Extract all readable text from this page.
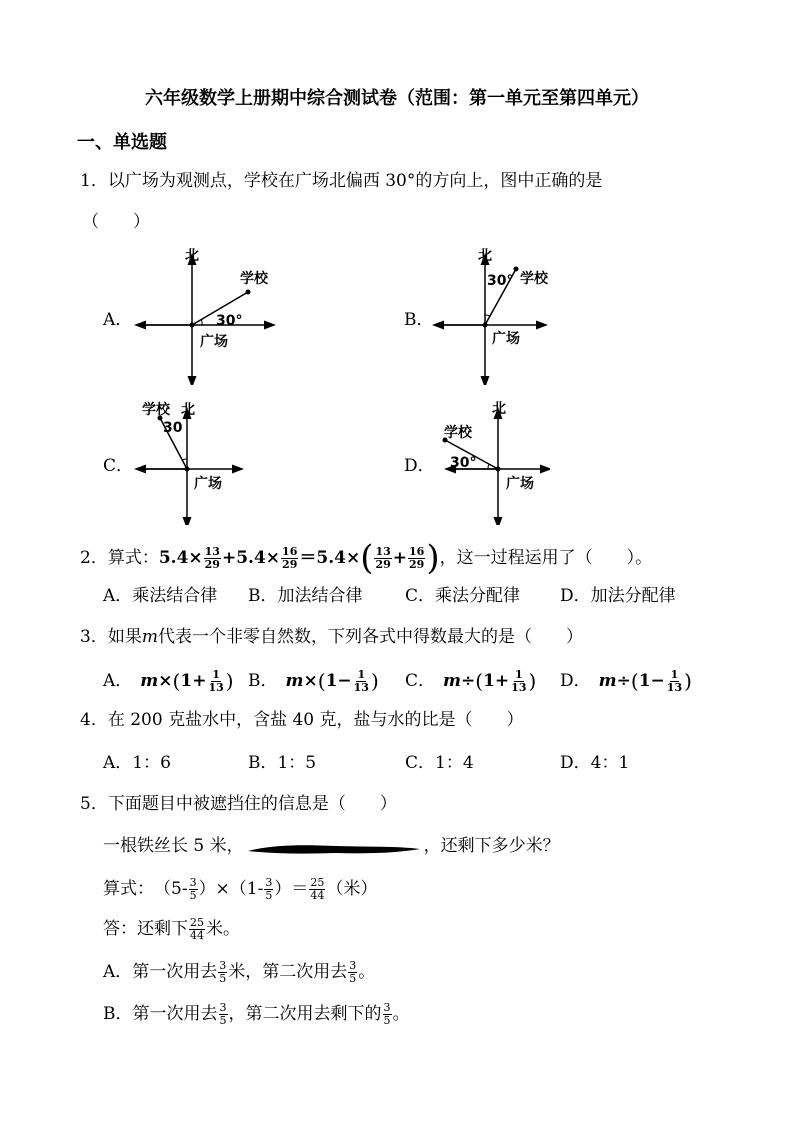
六年级数学上册期中综合测试卷（范围：第一单元至第四单元）
一、单选题
1．以广场为观测点，学校在广场北偏西 30°的方向上，图中正确的是
（　　）
A．	B．
C．	D．
北
学校
30°
广场
北
学校
30°
广场
学校 北
30
广场
北
学校
30°
广场
2．算式： $5.4 \times \frac{13}{29} + 5.4 \times \frac{16}{29} = 5.4$ × ( $\frac{13}{29} + \frac{16}{29}$ ) ，这一过程运用了（　　）。
A．乘法结合律 B．加法结合律	C．乘法分配律 D．加法分配律
3．如果m代表一个非零自然数，下列各式中得数最大的是（　　）
A． m × ( $1 + \frac{1}{13}$ ) B． m × ( $1 - \frac{1}{13}$ ) C． m ÷ ( $1 + \frac{1}{13}$ ) D． m ÷ ( $1 - \frac{1}{13}$ )
4．在 200 克盐水中，含盐 40 克，盐与水的比是（　　）
A．1：6	B．1：5	C．1：4	D．4：1
5．下面题目中被遮挡住的信息是（　　）
一根铁丝长 5 米，	，还剩下多少米？
算式： $(5- \frac{3}{5} )\times(1- \frac{3}{5}$ ）＝ $\frac{25}{44}$ （米）
答：还剩下 $\frac{25}{44}$ 米。
A．第一次用去 $\frac{3}{5}$ 米，第二次用去 $\frac{3}{5}$ 。
B．第一次用去 $\frac{3}{5}$ ，第二次用去剩下的 $\frac{3}{5}$ 。
